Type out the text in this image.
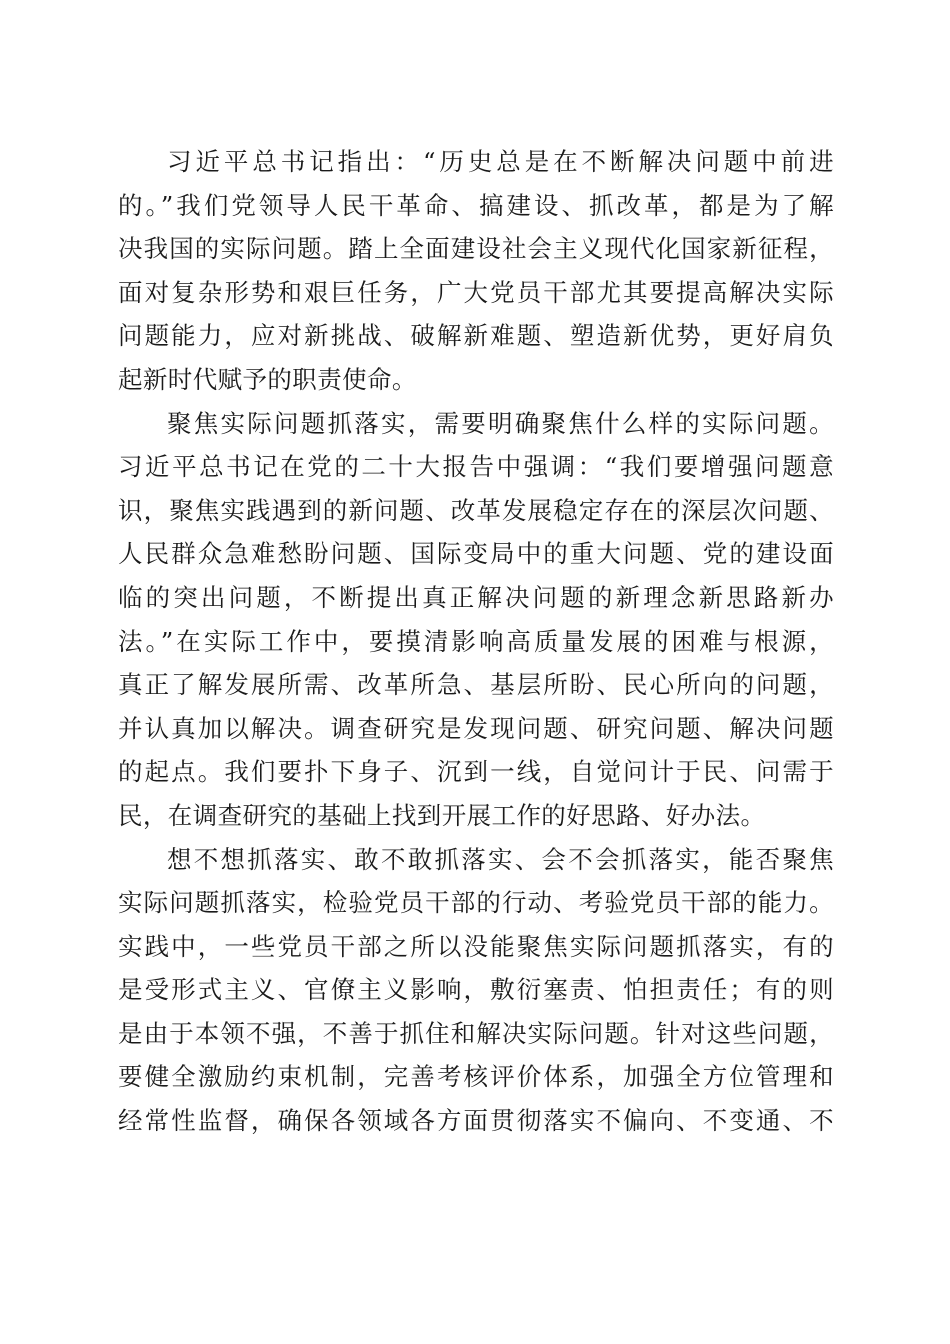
习近平总书记指出：“历史总是在不断解决问题中前进
的。”我们党领导人民干革命、搞建设、抓改革，都是为了解
决我国的实际问题。踏上全面建设社会主义现代化国家新征程，
面对复杂形势和艰巨任务，广大党员干部尤其要提高解决实际
问题能力，应对新挑战、破解新难题、塑造新优势，更好肩负
起新时代赋予的职责使命。
聚焦实际问题抓落实，需要明确聚焦什么样的实际问题。
习近平总书记在党的二十大报告中强调：“我们要增强问题意
识，聚焦实践遇到的新问题、改革发展稳定存在的深层次问题、
人民群众急难愁盼问题、国际变局中的重大问题、党的建设面
临的突出问题，不断提出真正解决问题的新理念新思路新办
法。”在实际工作中，要摸清影响高质量发展的困难与根源，
真正了解发展所需、改革所急、基层所盼、民心所向的问题，
并认真加以解决。调查研究是发现问题、研究问题、解决问题
的起点。我们要扑下身子、沉到一线，自觉问计于民、问需于
民，在调查研究的基础上找到开展工作的好思路、好办法。
想不想抓落实、敢不敢抓落实、会不会抓落实，能否聚焦
实际问题抓落实，检验党员干部的行动、考验党员干部的能力。
实践中，一些党员干部之所以没能聚焦实际问题抓落实，有的
是受形式主义、官僚主义影响，敷衍塞责、怕担责任；有的则
是由于本领不强，不善于抓住和解决实际问题。针对这些问题，
要健全激励约束机制，完善考核评价体系，加强全方位管理和
经常性监督，确保各领域各方面贯彻落实不偏向、不变通、不
